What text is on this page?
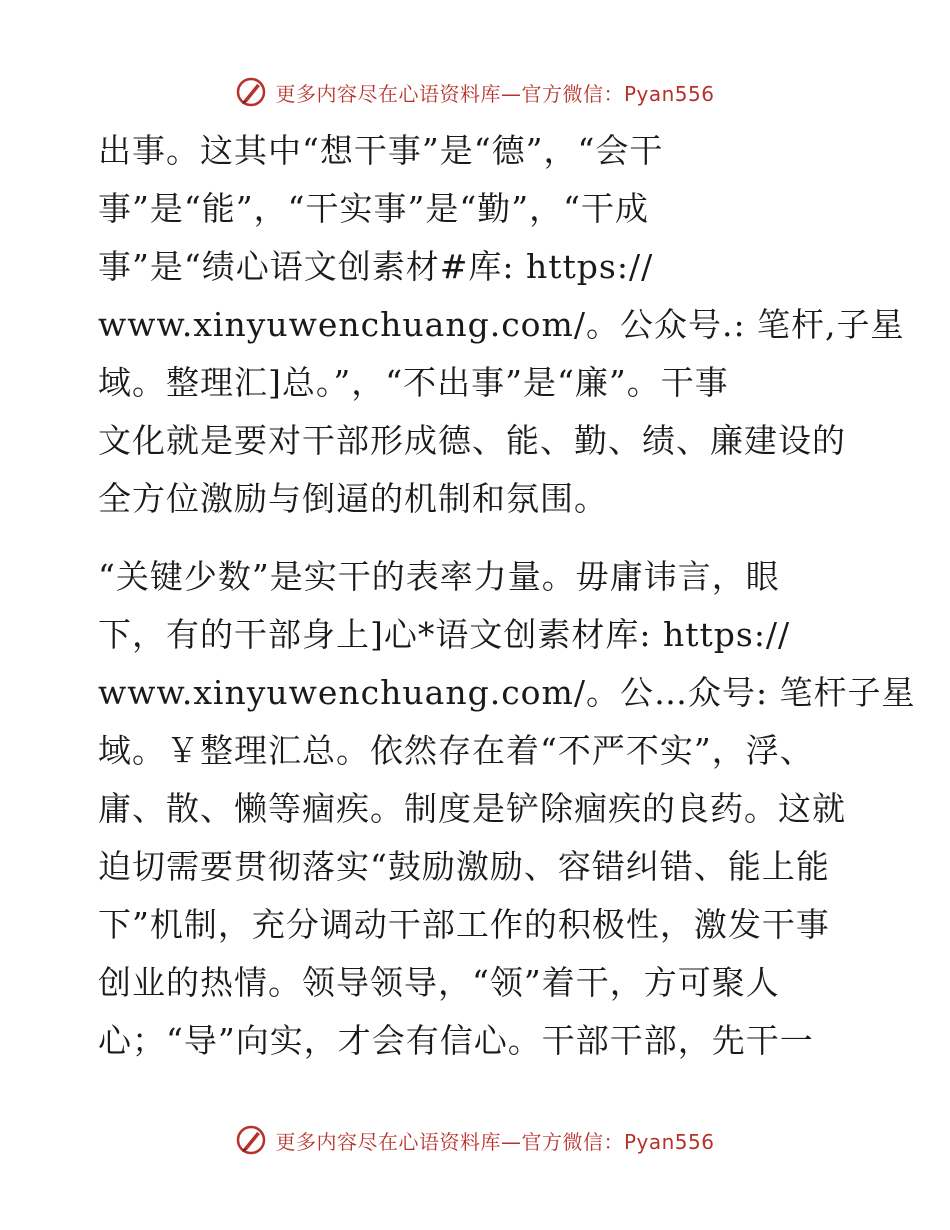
更多内容尽在心语资料库—官方微信：Pyan556

出事。这其中“想干事”是“德”，“会干
事”是“能”，“干实事”是“勤”，“干成
事”是“绩心语文创素材#库: https://
www.xinyuwenchuang.com/。公众号.: 笔杆,子星
域。整理汇]总。”，“不出事”是“廉”。干事
文化就是要对干部形成德、能、勤、绩、廉建设的
全方位激励与倒逼的机制和氛围。

“关键少数”是实干的表率力量。毋庸讳言，眼
下，有的干部身上]心*语文创素材库: https://
www.xinyuwenchuang.com/。公…众号: 笔杆子星
域。￥整理汇总。依然存在着“不严不实”，浮、
庸、散、懒等痼疾。制度是铲除痼疾的良药。这就
迫切需要贯彻落实“鼓励激励、容错纠错、能上能
下”机制，充分调动干部工作的积极性，激发干事
创业的热情。领导领导，“领”着干，方可聚人
心；“导”向实，才会有信心。干部干部，先干一

更多内容尽在心语资料库—官方微信：Pyan556
